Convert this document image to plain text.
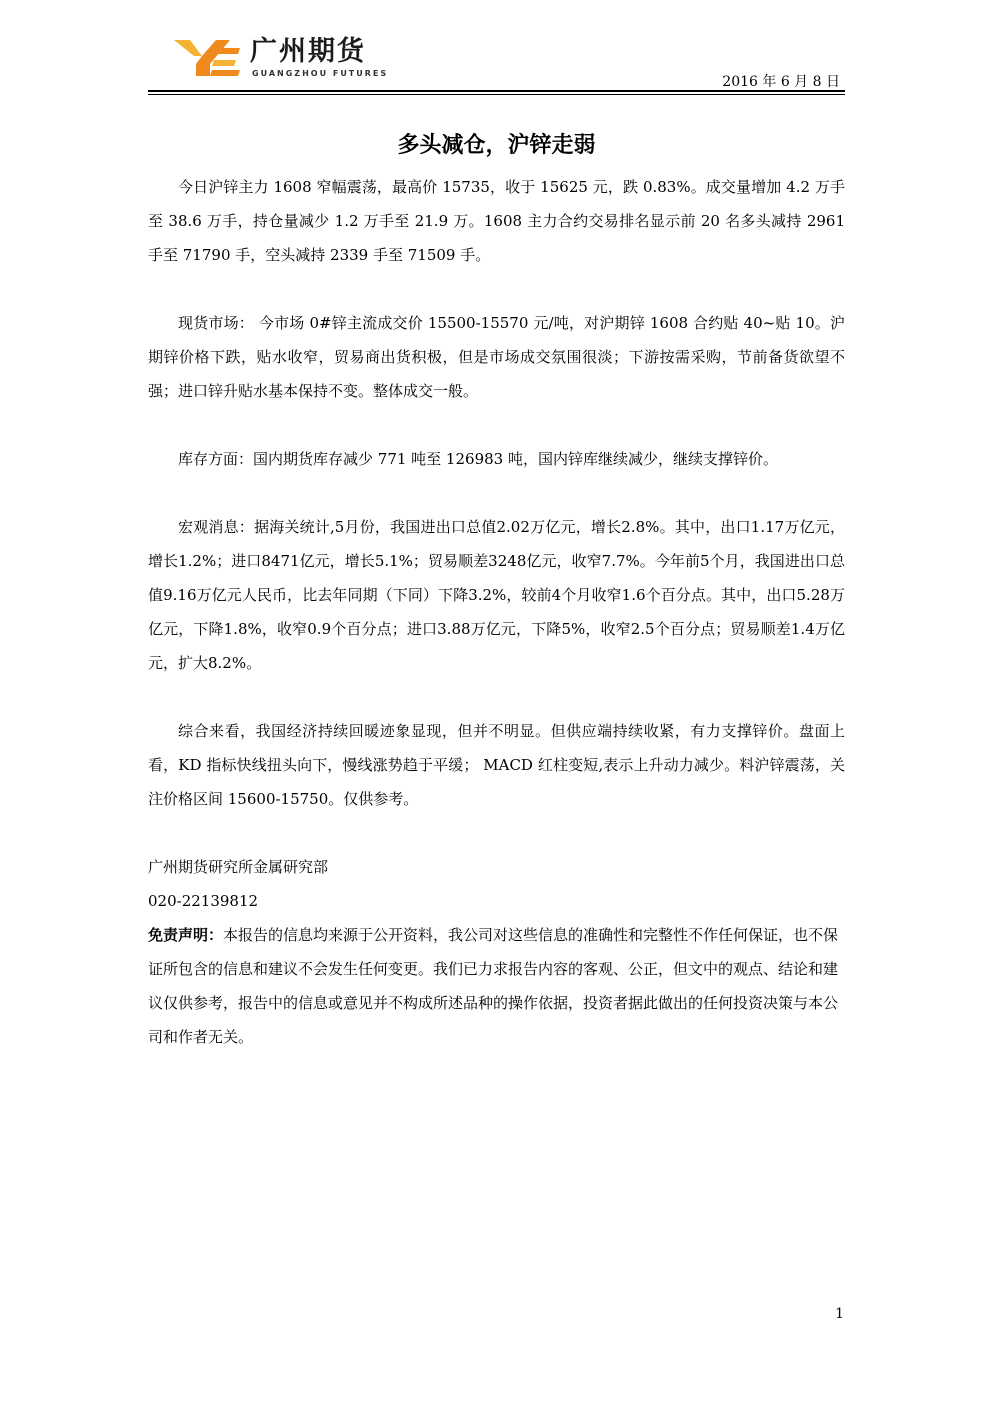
广州期货
GUANGZHOU FUTURES
2016 年 6 月 8 日
多头减仓，沪锌走弱

今日沪锌主力 1608 窄幅震荡，最高价 15735，收于 15625 元，跌 0.83%。成交量增加 4.2 万手至 38.6 万手，持仓量减少 1.2 万手至 21.9 万。1608 主力合约交易排名显示前 20 名多头减持 2961 手至 71790 手，空头减持 2339 手至 71509 手。

现货市场： 今市场 0#锌主流成交价 15500-15570 元/吨，对沪期锌 1608 合约贴 40~贴 10。沪期锌价格下跌，贴水收窄，贸易商出货积极，但是市场成交氛围很淡；下游按需采购，节前备货欲望不强；进口锌升贴水基本保持不变。整体成交一般。

库存方面：国内期货库存减少 771 吨至 126983 吨，国内锌库继续减少，继续支撑锌价。

宏观消息：据海关统计,5月份，我国进出口总值2.02万亿元，增长2.8%。其中，出口1.17万亿元，增长1.2%；进口8471亿元，增长5.1%；贸易顺差3248亿元，收窄7.7%。今年前5个月，我国进出口总值9.16万亿元人民币，比去年同期（下同）下降3.2%，较前4个月收窄1.6个百分点。其中，出口5.28万亿元，下降1.8%，收窄0.9个百分点；进口3.88万亿元，下降5%，收窄2.5个百分点；贸易顺差1.4万亿元，扩大8.2%。

综合来看，我国经济持续回暖迹象显现，但并不明显。但供应端持续收紧，有力支撑锌价。盘面上看，KD 指标快线扭头向下，慢线涨势趋于平缓； MACD 红柱变短,表示上升动力减少。料沪锌震荡，关注价格区间 15600-15750。仅供参考。

广州期货研究所金属研究部

020-22139812

免责声明：本报告的信息均来源于公开资料，我公司对这些信息的准确性和完整性不作任何保证，也不保证所包含的信息和建议不会发生任何变更。我们已力求报告内容的客观、公正，但文中的观点、结论和建议仅供参考，报告中的信息或意见并不构成所述品种的操作依据，投资者据此做出的任何投资决策与本公司和作者无关。

1
